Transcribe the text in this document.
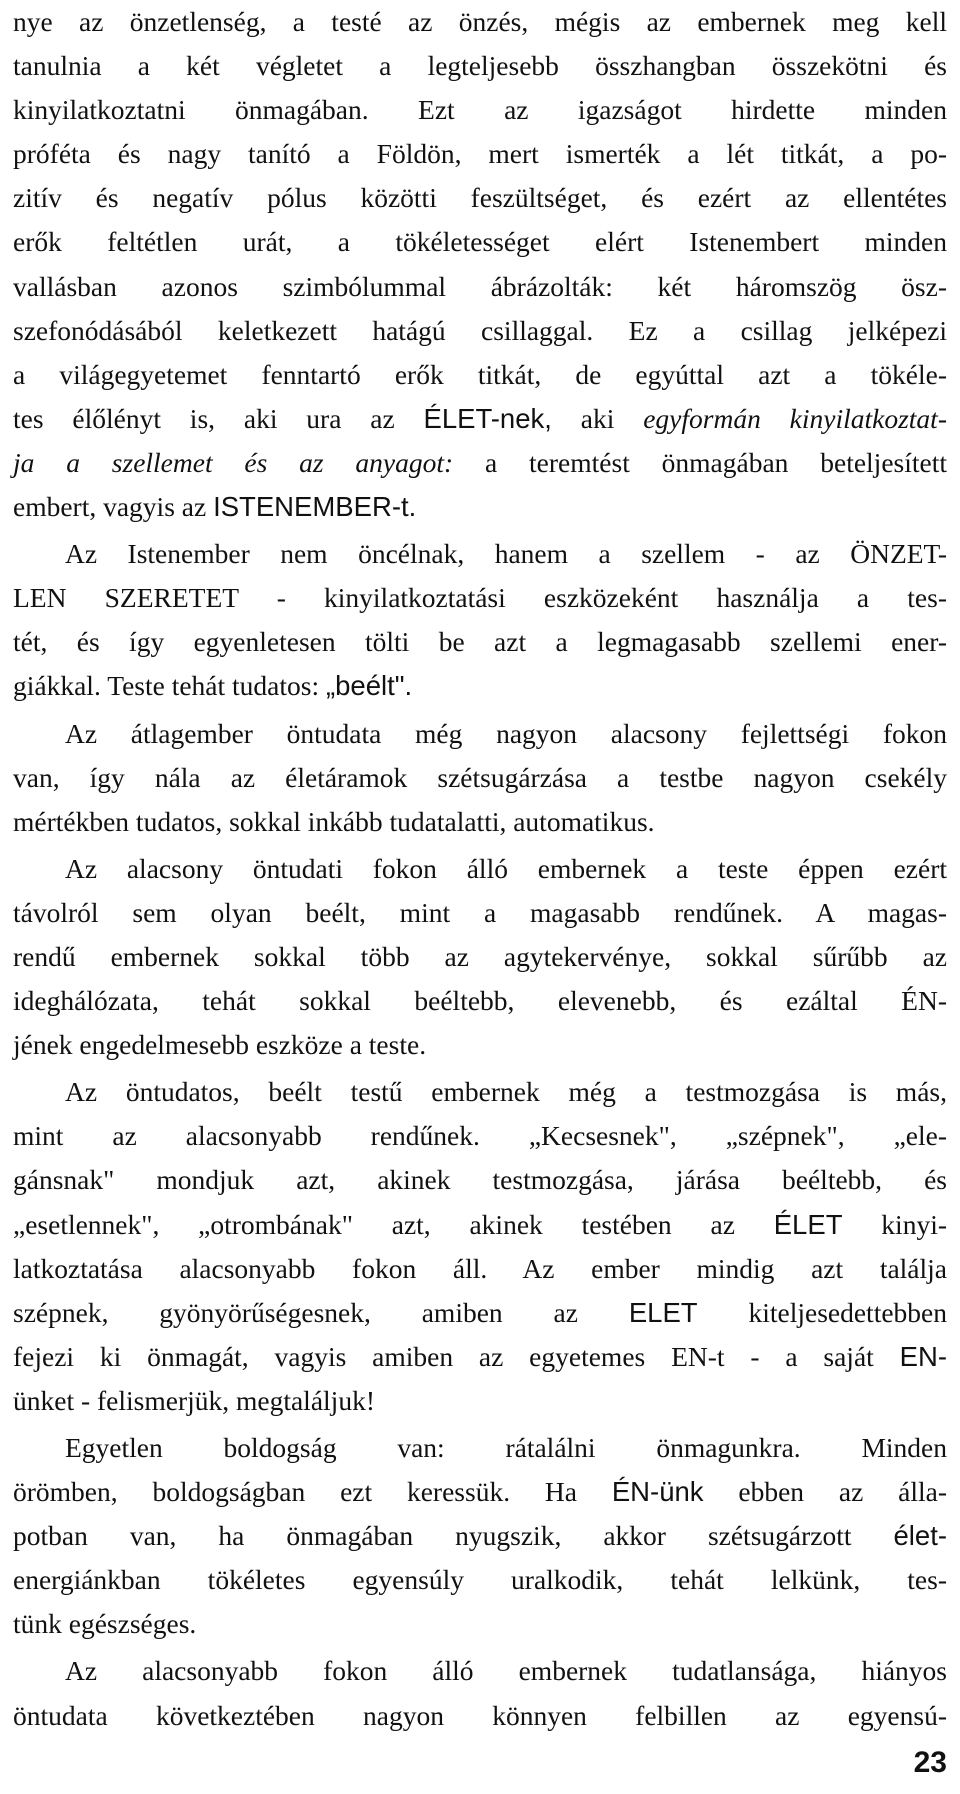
nye az önzetlenség, a testé az önzés, mégis az embernek meg kell
tanulnia a két végletet a legteljesebb összhangban összekötni és
kinyilatkoztatni önmagában. Ezt az igazságot hirdette minden
próféta és nagy tanító a Földön, mert ismerték a lét titkát, a po-
zitív és negatív pólus közötti feszültséget, és ezért az ellentétes
erők feltétlen urát, a tökéletességet elért Istenembert minden
vallásban azonos szimbólummal ábrázolták: két háromszög ösz-
szefonódásából keletkezett hatágú csillaggal. Ez a csillag jelképezi
a világegyetemet fenntartó erők titkát, de egyúttal azt a tökéle-
tes élőlényt is, aki ura az ÉLET-nek, aki egyformán kinyilatkoztat-
ja a szellemet és az anyagot: a teremtést önmagában beteljesített
embert, vagyis az ISTENEMBER-t.
Az Istenember nem öncélnak, hanem a szellem - az ÖNZET-
LEN SZERETET - kinyilatkoztatási eszközeként használja a tes-
tét, és így egyenletesen tölti be azt a legmagasabb szellemi ener-
giákkal. Teste tehát tudatos: „beélt".
Az átlagember öntudata még nagyon alacsony fejlettségi fokon
van, így nála az életáramok szétsugárzása a testbe nagyon csekély
mértékben tudatos, sokkal inkább tudatalatti, automatikus.
Az alacsony öntudati fokon álló embernek a teste éppen ezért
távolról sem olyan beélt, mint a magasabb rendűnek. A magas-
rendű embernek sokkal több az agytekervénye, sokkal sűrűbb az
ideghálózata, tehát sokkal beéltebb, elevenebb, és ezáltal ÉN-
jének engedelmesebb eszköze a teste.
Az öntudatos, beélt testű embernek még a testmozgása is más,
mint az alacsonyabb rendűnek. „Kecsesnek", „szépnek", „ele-
gánsnak" mondjuk azt, akinek testmozgása, járása beéltebb, és
„esetlennek", „otrombának" azt, akinek testében az ÉLET kinyi-
latkoztatása alacsonyabb fokon áll. Az ember mindig azt találja
szépnek, gyönyörűségesnek, amiben az ELET kiteljesedettebben
fejezi ki önmagát, vagyis amiben az egyetemes EN-t - a saját EN-
ünket - felismerjük, megtaláljuk!
Egyetlen boldogság van: rátalálni önmagunkra. Minden
örömben, boldogságban ezt keressük. Ha ÉN-ünk ebben az álla-
potban van, ha önmagában nyugszik, akkor szétsugárzott élet-
energiánkban tökéletes egyensúly uralkodik, tehát lelkünk, tes-
tünk egészséges.
Az alacsonyabb fokon álló embernek tudatlansága, hiányos
öntudata következtében nagyon könnyen felbillen az egyensú-
23
